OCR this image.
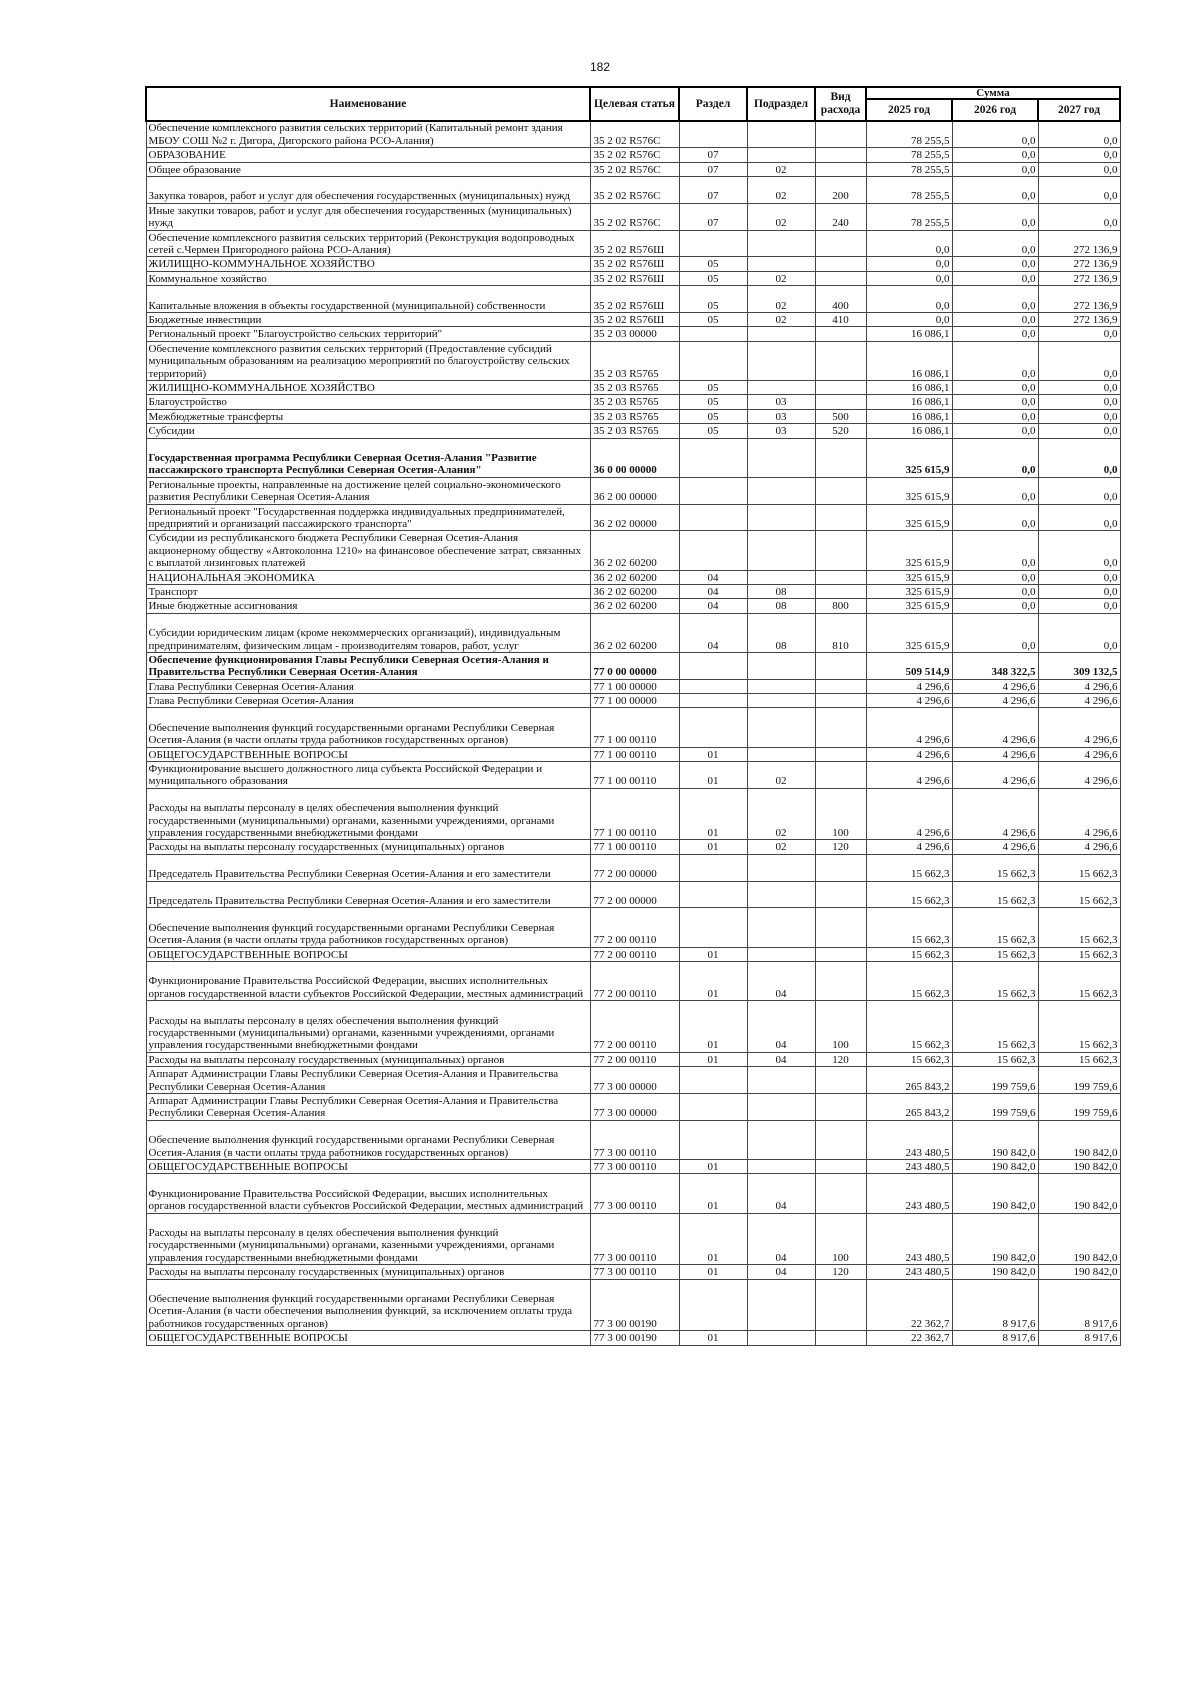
182
Наименование	Целевая статья	Раздел	Подраздел	Вид расхода	Сумма		
					2025 год	2026 год	2027 год
Обеспечение комплексного развития сельских территорий (Капитальный ремонт здания МБОУ СОШ №2 г. Дигора, Дигорского района РСО-Алания)	35 2 02 R576C				78 255,5	0,0	0,0
ОБРАЗОВАНИЕ	35 2 02 R576C	07			78 255,5	0,0	0,0
Общее образование	35 2 02 R576C	07	02		78 255,5	0,0	0,0
Закупка товаров, работ и услуг для обеспечения государственных (муниципальных) нужд	35 2 02 R576C	07	02	200	78 255,5	0,0	0,0
Иные закупки товаров, работ и услуг для обеспечения государственных (муниципальных) нужд	35 2 02 R576C	07	02	240	78 255,5	0,0	0,0
Обеспечение комплексного развития сельских территорий (Реконструкция водопроводных сетей с.Чермен Пригородного района РСО-Алания)	35 2 02 R576Ш				0,0	0,0	272 136,9
ЖИЛИЩНО-КОММУНАЛЬНОЕ ХОЗЯЙСТВО	35 2 02 R576Ш	05			0,0	0,0	272 136,9
Коммунальное хозяйство	35 2 02 R576Ш	05	02		0,0	0,0	272 136,9
Капитальные вложения в объекты государственной (муниципальной) собственности	35 2 02 R576Ш	05	02	400	0,0	0,0	272 136,9
Бюджетные инвестиции	35 2 02 R576Ш	05	02	410	0,0	0,0	272 136,9
Региональный проект "Благоустройство сельских территорий"	35 2 03 00000				16 086,1	0,0	0,0
Обеспечение комплексного развития сельских территорий (Предоставление субсидий муниципальным образованиям на реализацию мероприятий по благоустройству сельских территорий)	35 2 03 R5765				16 086,1	0,0	0,0
ЖИЛИЩНО-КОММУНАЛЬНОЕ ХОЗЯЙСТВО	35 2 03 R5765	05			16 086,1	0,0	0,0
Благоустройство	35 2 03 R5765	05	03		16 086,1	0,0	0,0
Межбюджетные трансферты	35 2 03 R5765	05	03	500	16 086,1	0,0	0,0
Субсидии	35 2 03 R5765	05	03	520	16 086,1	0,0	0,0
Государственная программа Республики Северная Осетия-Алания "Развитие пассажирского транспорта Республики Северная Осетия-Алания"	36 0 00 00000				325 615,9	0,0	0,0
Региональные проекты, направленные на достижение целей социально-экономического развития Республики Северная Осетия-Алания	36 2 00 00000				325 615,9	0,0	0,0
Региональный проект "Государственная поддержка индивидуальных предпринимателей, предприятий и организаций пассажирского транспорта"	36 2 02 00000				325 615,9	0,0	0,0
Субсидии из республиканского бюджета Республики Северная Осетия-Алания акционерному обществу «Автоколонна 1210» на финансовое обеспечение затрат, связанных с выплатой лизинговых платежей	36 2 02 60200				325 615,9	0,0	0,0
НАЦИОНАЛЬНАЯ ЭКОНОМИКА	36 2 02 60200	04			325 615,9	0,0	0,0
Транспорт	36 2 02 60200	04	08		325 615,9	0,0	0,0
Иные бюджетные ассигнования	36 2 02 60200	04	08	800	325 615,9	0,0	0,0
Субсидии юридическим лицам (кроме некоммерческих организаций), индивидуальным предпринимателям, физическим лицам - производителям товаров, работ, услуг	36 2 02 60200	04	08	810	325 615,9	0,0	0,0
Обеспечение функционирования Главы Республики Северная Осетия-Алания и Правительства Республики Северная Осетия-Алания	77 0 00 00000				509 514,9	348 322,5	309 132,5
Глава Республики Северная Осетия-Алания	77 1 00 00000				4 296,6	4 296,6	4 296,6
Глава Республики Северная Осетия-Алания	77 1 00 00000				4 296,6	4 296,6	4 296,6
Обеспечение выполнения функций государственными органами Республики Северная Осетия-Алания (в части оплаты труда работников государственных органов)	77 1 00 00110				4 296,6	4 296,6	4 296,6
ОБЩЕГОСУДАРСТВЕННЫЕ ВОПРОСЫ	77 1 00 00110	01			4 296,6	4 296,6	4 296,6
Функционирование высшего должностного лица субъекта Российской Федерации и муниципального образования	77 1 00 00110	01	02		4 296,6	4 296,6	4 296,6
Расходы на выплаты персоналу в целях обеспечения выполнения функций государственными (муниципальными) органами, казенными учреждениями, органами управления государственными внебюджетными фондами	77 1 00 00110	01	02	100	4 296,6	4 296,6	4 296,6
Расходы на выплаты персоналу государственных (муниципальных) органов	77 1 00 00110	01	02	120	4 296,6	4 296,6	4 296,6
Председатель Правительства Республики Северная Осетия-Алания и его заместители	77 2 00 00000				15 662,3	15 662,3	15 662,3
Председатель Правительства Республики Северная Осетия-Алания и его заместители	77 2 00 00000				15 662,3	15 662,3	15 662,3
Обеспечение выполнения функций государственными органами Республики Северная Осетия-Алания (в части оплаты труда работников государственных органов)	77 2 00 00110				15 662,3	15 662,3	15 662,3
ОБЩЕГОСУДАРСТВЕННЫЕ ВОПРОСЫ	77 2 00 00110	01			15 662,3	15 662,3	15 662,3
Функционирование Правительства Российской Федерации, высших исполнительных органов государственной власти субъектов Российской Федерации, местных администраций	77 2 00 00110	01	04		15 662,3	15 662,3	15 662,3
Расходы на выплаты персоналу в целях обеспечения выполнения функций государственными (муниципальными) органами, казенными учреждениями, органами управления государственными внебюджетными фондами	77 2 00 00110	01	04	100	15 662,3	15 662,3	15 662,3
Расходы на выплаты персоналу государственных (муниципальных) органов	77 2 00 00110	01	04	120	15 662,3	15 662,3	15 662,3
Аппарат Администрации Главы Республики Северная Осетия-Алания и Правительства Республики Северная Осетия-Алания	77 3 00 00000				265 843,2	199 759,6	199 759,6
Аппарат Администрации Главы Республики Северная Осетия-Алания и Правительства Республики Северная Осетия-Алания	77 3 00 00000				265 843,2	199 759,6	199 759,6
Обеспечение выполнения функций государственными органами Республики Северная Осетия-Алания (в части оплаты труда работников государственных органов)	77 3 00 00110				243 480,5	190 842,0	190 842,0
ОБЩЕГОСУДАРСТВЕННЫЕ ВОПРОСЫ	77 3 00 00110	01			243 480,5	190 842,0	190 842,0
Функционирование Правительства Российской Федерации, высших исполнительных органов государственной власти субъектов Российской Федерации, местных администраций	77 3 00 00110	01	04		243 480,5	190 842,0	190 842,0
Расходы на выплаты персоналу в целях обеспечения выполнения функций государственными (муниципальными) органами, казенными учреждениями, органами управления государственными внебюджетными фондами	77 3 00 00110	01	04	100	243 480,5	190 842,0	190 842,0
Расходы на выплаты персоналу государственных (муниципальных) органов	77 3 00 00110	01	04	120	243 480,5	190 842,0	190 842,0
Обеспечение выполнения функций государственными органами Республики Северная Осетия-Алания (в части обеспечения выполнения функций, за исключением оплаты труда работников государственных органов)	77 3 00 00190				22 362,7	8 917,6	8 917,6
ОБЩЕГОСУДАРСТВЕННЫЕ ВОПРОСЫ	77 3 00 00190	01			22 362,7	8 917,6	8 917,6
